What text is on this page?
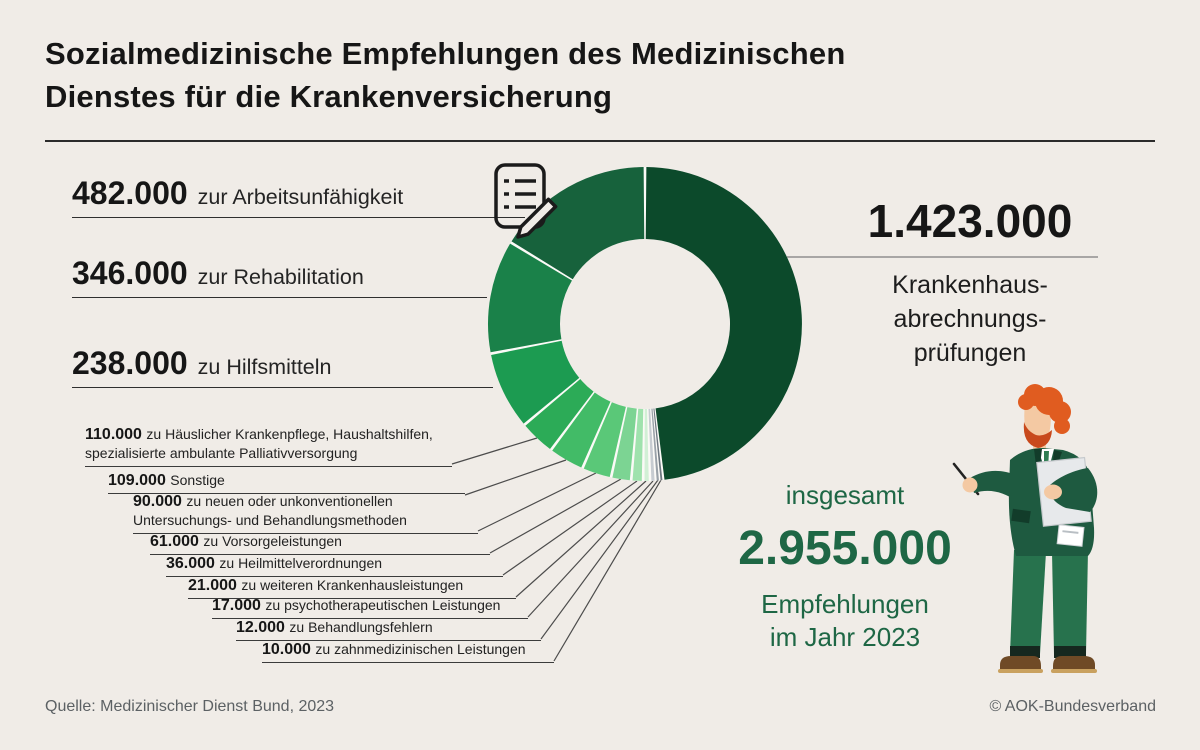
Sozialmedizinische Empfehlungen des Medizinischen
Dienstes für die Krankenversicherung
482.000 zur Arbeitsunfähigkeit
346.000 zur Rehabilitation
238.000 zu Hilfsmitteln
110.000 zu Häuslicher Krankenpflege, Haushaltshilfen, spezialisierte ambulante Palliativversorgung
109.000 Sonstige
90.000 zu neuen oder unkonventionellen Untersuchungs- und Behandlungsmethoden
61.000 zu Vorsorgeleistungen
36.000 zu Heilmittelverordnungen
21.000 zu weiteren Krankenhausleistungen
17.000 zu psychotherapeutischen Leistungen
12.000 zu Behandlungsfehlern
10.000 zu zahnmedizinischen Leistungen
1.423.000
Krankenhaus-
abrechnungs-
prüfungen
insgesamt
2.955.000
Empfehlungen
im Jahr 2023
Quelle: Medizinischer Dienst Bund, 2023	© AOK-Bundesverband
